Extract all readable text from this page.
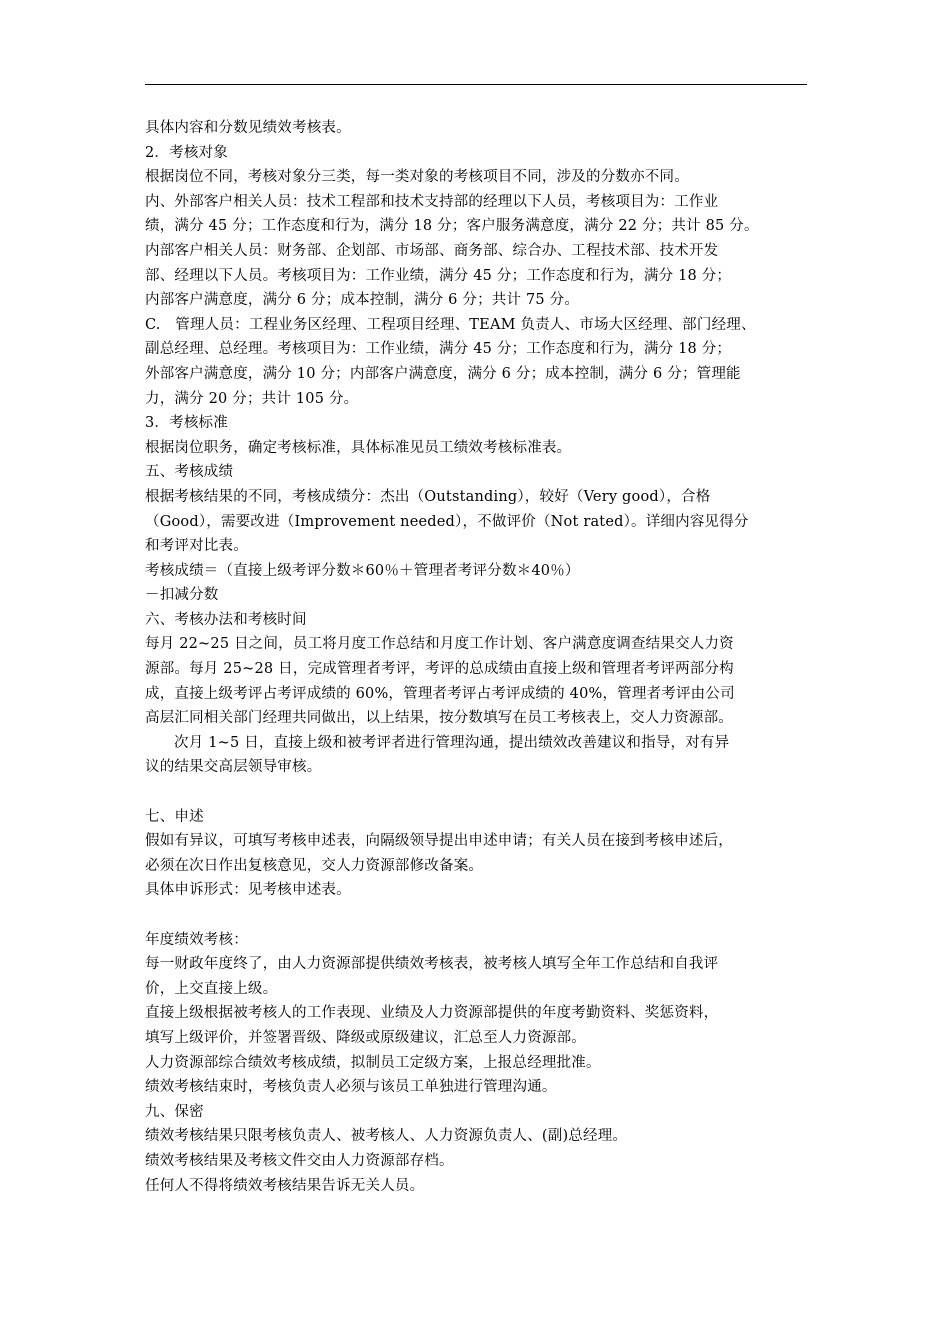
具体内容和分数见绩效考核表。

2．考核对象

根据岗位不同，考核对象分三类，每一类对象的考核项目不同，涉及的分数亦不同。

内、外部客户相关人员：技术工程部和技术支持部的经理以下人员，考核项目为：工作业

绩，满分 45 分；工作态度和行为，满分 18 分；客户服务满意度，满分 22 分；共计 85 分。

内部客户相关人员：财务部、企划部、市场部、商务部、综合办、工程技术部、技术开发

部、经理以下人员。考核项目为：工作业绩，满分 45 分；工作态度和行为，满分 18 分；

内部客户满意度，满分 6 分；成本控制，满分 6 分；共计 75 分。

C.　管理人员：工程业务区经理、工程项目经理、TEAM 负责人、市场大区经理、部门经理、

副总经理、总经理。考核项目为：工作业绩，满分 45 分；工作态度和行为，满分 18 分；

外部客户满意度，满分 10 分；内部客户满意度，满分 6 分；成本控制，满分 6 分；管理能

力，满分 20 分；共计 105 分。

3．考核标准

根据岗位职务，确定考核标准，具体标准见员工绩效考核标准表。

五、考核成绩

根据考核结果的不同，考核成绩分：杰出（Outstanding），较好（Very good），合格

（Good），需要改进（Improvement needed），不做评价（Not rated）。详细内容见得分

和考评对比表。

考核成绩＝（直接上级考评分数＊60％＋管理者考评分数＊40％）

－扣减分数

六、考核办法和考核时间

每月 22~25 日之间，员工将月度工作总结和月度工作计划、客户满意度调查结果交人力资

源部。每月 25~28 日，完成管理者考评，考评的总成绩由直接上级和管理者考评两部分构

成，直接上级考评占考评成绩的 60%，管理者考评占考评成绩的 40%，管理者考评由公司

高层汇同相关部门经理共同做出，以上结果，按分数填写在员工考核表上，交人力资源部。

次月 1~5 日，直接上级和被考评者进行管理沟通，提出绩效改善建议和指导，对有异

议的结果交高层领导审核。

七、申述

假如有异议，可填写考核申述表，向隔级领导提出申述申请；有关人员在接到考核申述后，

必须在次日作出复核意见，交人力资源部修改备案。

具体申诉形式：见考核申述表。

年度绩效考核：

每一财政年度终了，由人力资源部提供绩效考核表，被考核人填写全年工作总结和自我评

价，上交直接上级。

直接上级根据被考核人的工作表现、业绩及人力资源部提供的年度考勤资料、奖惩资料，

填写上级评价，并签署晋级、降级或原级建议，汇总至人力资源部。

人力资源部综合绩效考核成绩，拟制员工定级方案，上报总经理批准。

绩效考核结束时，考核负责人必须与该员工单独进行管理沟通。

九、保密

绩效考核结果只限考核负责人、被考核人、人力资源负责人、(副)总经理。

绩效考核结果及考核文件交由人力资源部存档。

任何人不得将绩效考核结果告诉无关人员。
